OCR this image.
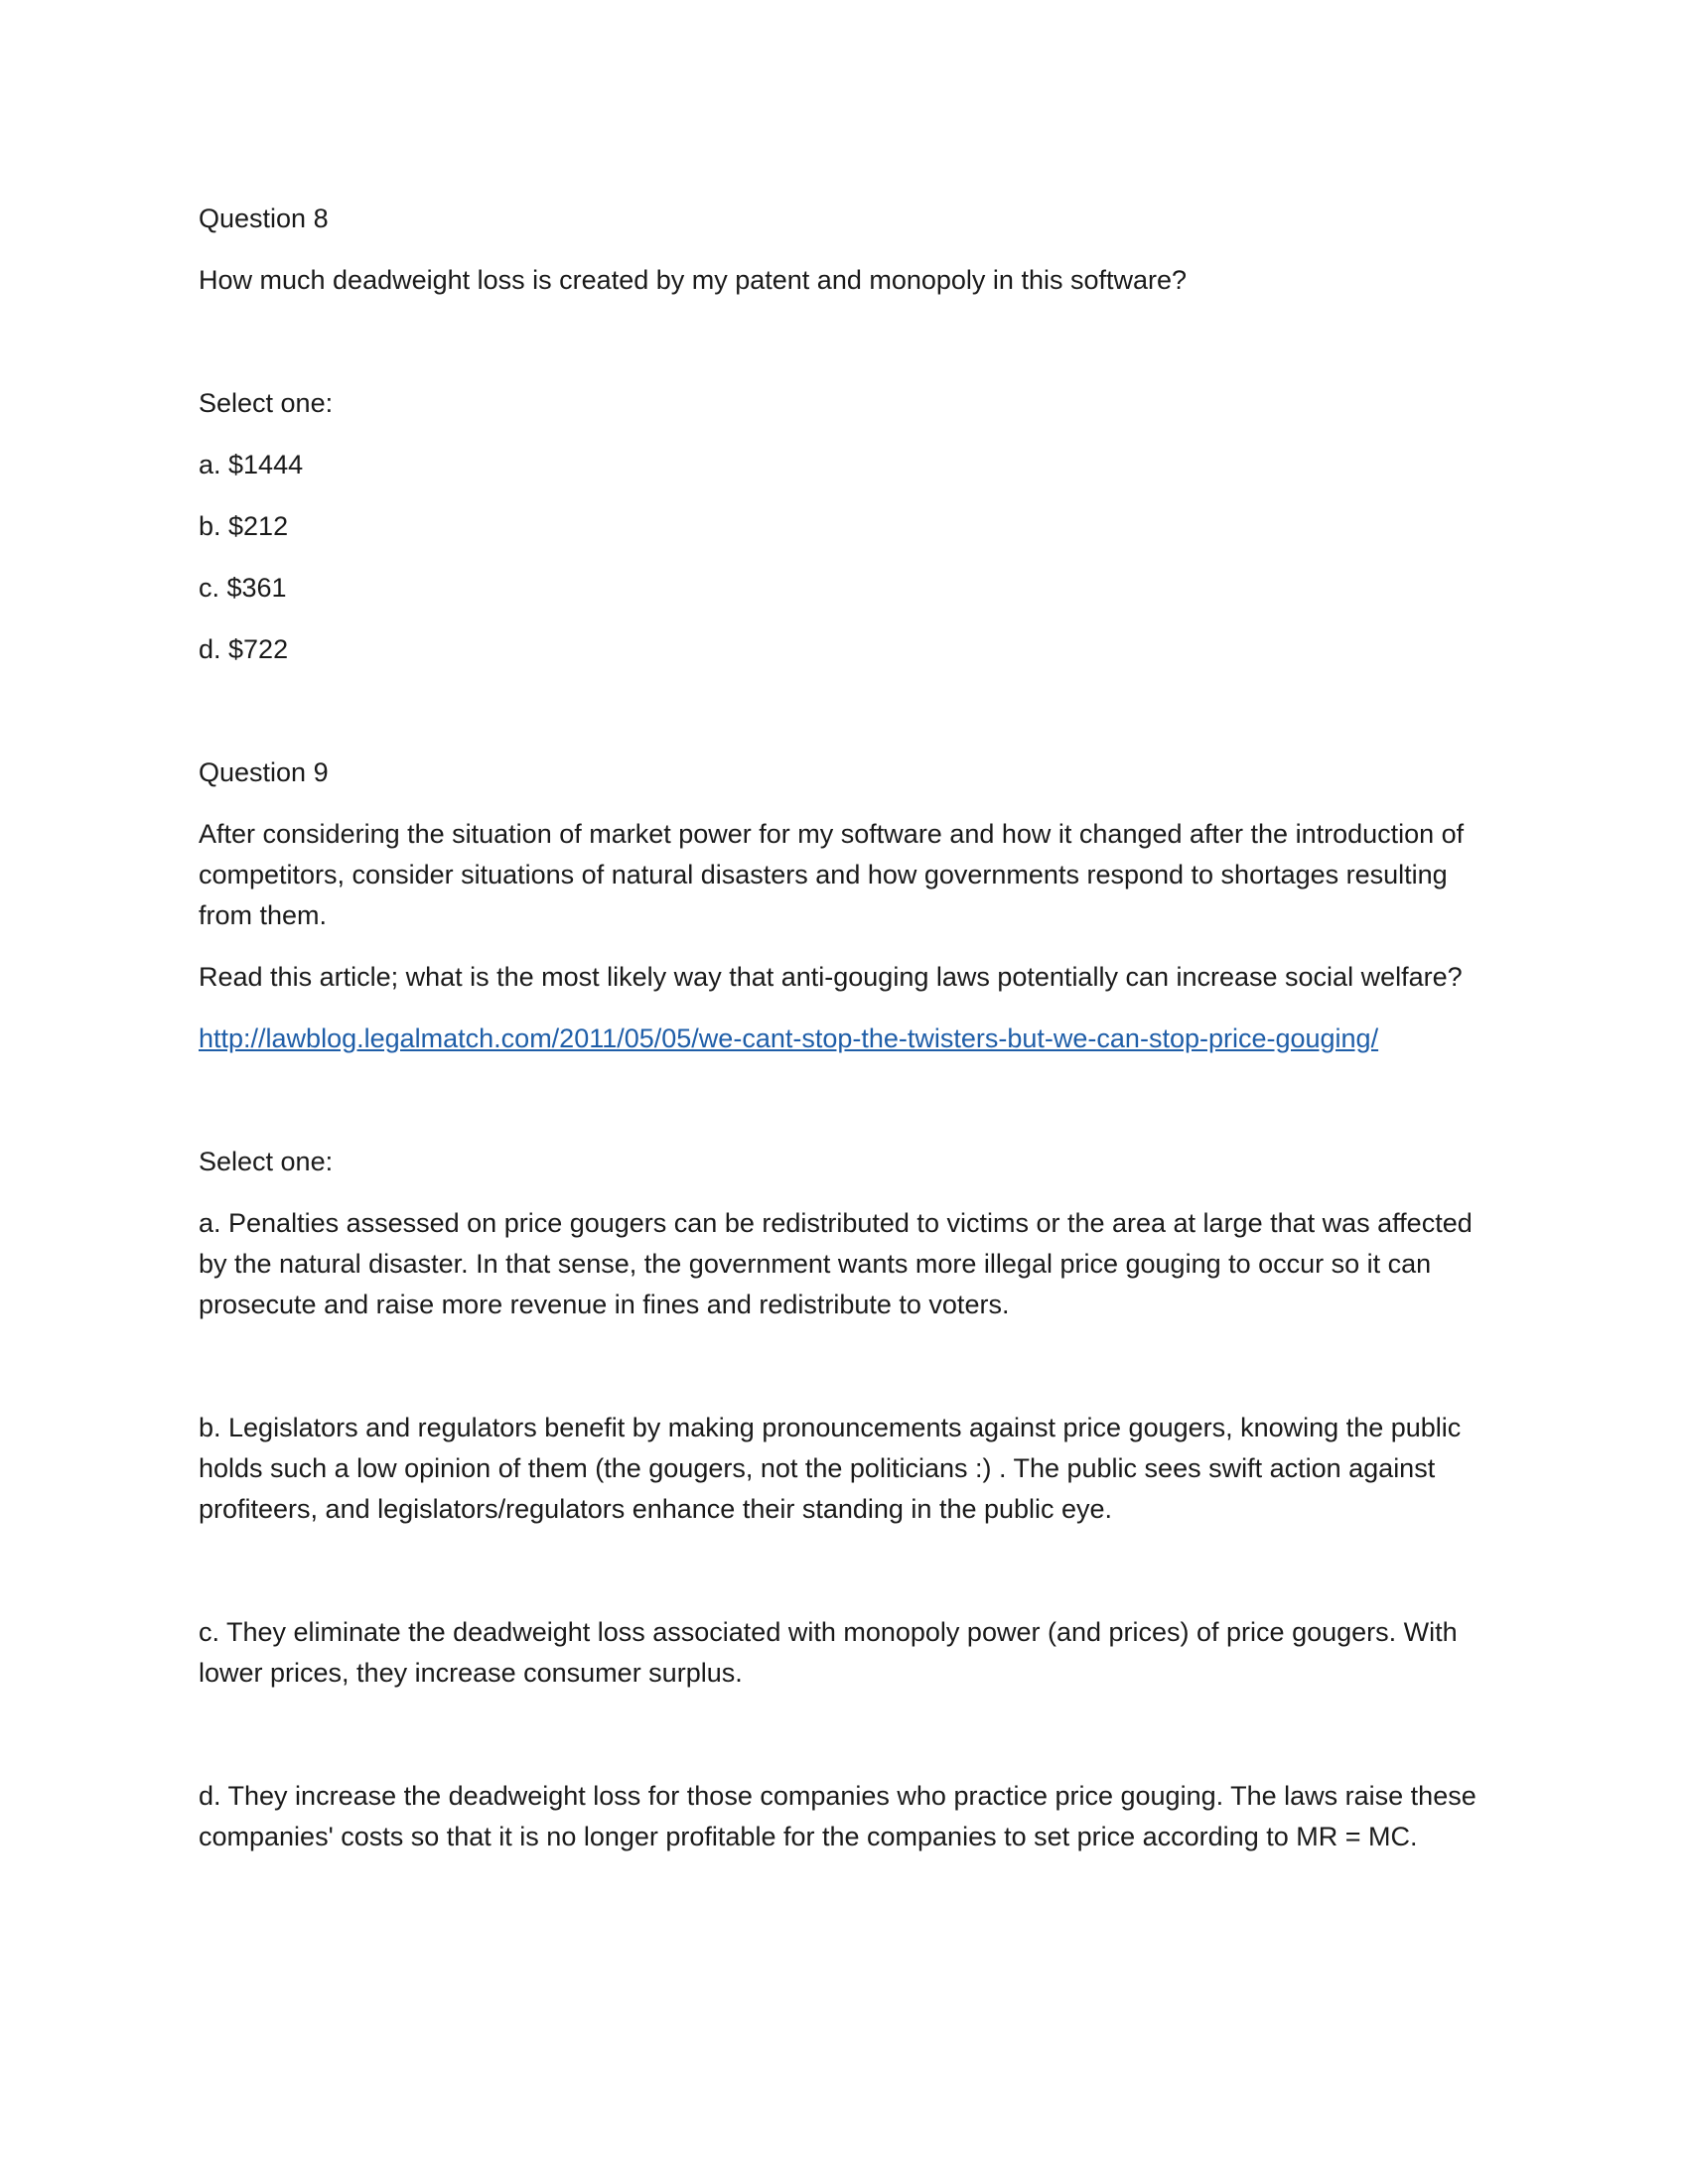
Question 8

How much deadweight loss is created by my patent and monopoly in this software?

Select one:

a. $1444

b. $212

c. $361

d. $722

Question 9

After considering the situation of market power for my software and how it changed after the introduction of competitors, consider situations of natural disasters and how governments respond to shortages resulting from them.

Read this article; what is the most likely way that anti-gouging laws potentially can increase social welfare?

http://lawblog.legalmatch.com/2011/05/05/we-cant-stop-the-twisters-but-we-can-stop-price-gouging/

Select one:

a. Penalties assessed on price gougers can be redistributed to victims or the area at large that was affected by the natural disaster. In that sense, the government wants more illegal price gouging to occur so it can prosecute and raise more revenue in fines and redistribute to voters.

b. Legislators and regulators benefit by making pronouncements against price gougers, knowing the public holds such a low opinion of them (the gougers, not the politicians :) . The public sees swift action against profiteers, and legislators/regulators enhance their standing in the public eye.

c. They eliminate the deadweight loss associated with monopoly power (and prices) of price gougers. With lower prices, they increase consumer surplus.

d. They increase the deadweight loss for those companies who practice price gouging. The laws raise these companies' costs so that it is no longer profitable for the companies to set price according to MR = MC.
